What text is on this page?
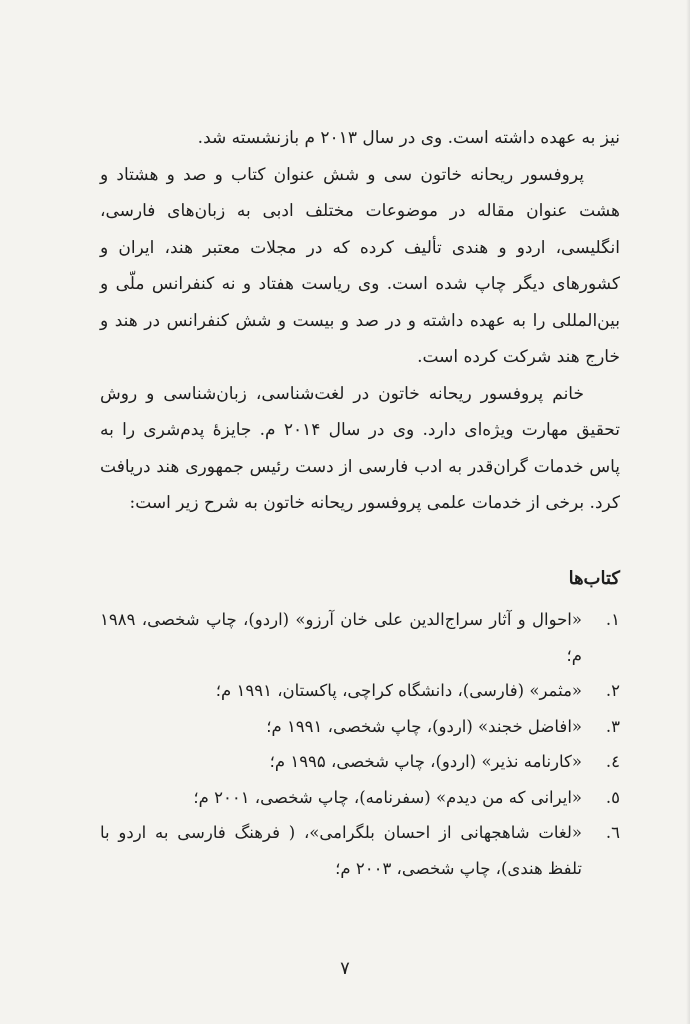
نیز به عهده داشته است. وی در سال ۲۰۱۳ م بازنشسته شد.

پروفسور ریحانه خاتون سی و شش عنوان کتاب و صد و هشتاد و هشت عنوان مقاله در موضوعات مختلف ادبی به زبان‌های فارسی، انگلیسی، اردو و هندی تألیف کرده که در مجلات معتبر هند، ایران و کشورهای دیگر چاپ شده است. وی ریاست هفتاد و نه کنفرانس ملّی و بین‌المللی را به عهده داشته و در صد و بیست و شش کنفرانس در هند و خارج هند شرکت کرده است.

خانم پروفسور ریحانه خاتون در لغت‌شناسی، زبان‌شناسی و روش تحقیق مهارت ویژه‌ای دارد. وی در سال ۲۰۱۴ م. جایزۀ پدم‌شری را به پاس خدمات گران‌قدر به ادب فارسی از دست رئیس جمهوری هند دریافت کرد. برخی از خدمات علمی پروفسور ریحانه خاتون به شرح زیر است:

کتاب‌ها
۱.
«احوال و آثار سراج‌الدین علی خان آرزو» (اردو)، چاپ شخصی، ۱۹۸۹ م؛
۲.
«مثمر» (فارسی)، دانشگاه کراچی، پاکستان، ۱۹۹۱ م؛
۳.
«افاضل خجند» (اردو)، چاپ شخصی، ۱۹۹۱ م؛
٤.
«کارنامه نذیر» (اردو)، چاپ شخصی، ۱۹۹۵ م؛
٥.
«ایرانی که من دیدم» (سفرنامه)، چاپ شخصی، ۲۰۰۱ م؛
٦.
«لغات شاهجهانی از احسان بلگرامی»، ( فرهنگ فارسی به اردو با تلفظ هندی)، چاپ شخصی، ۲۰۰۳ م؛
۷
